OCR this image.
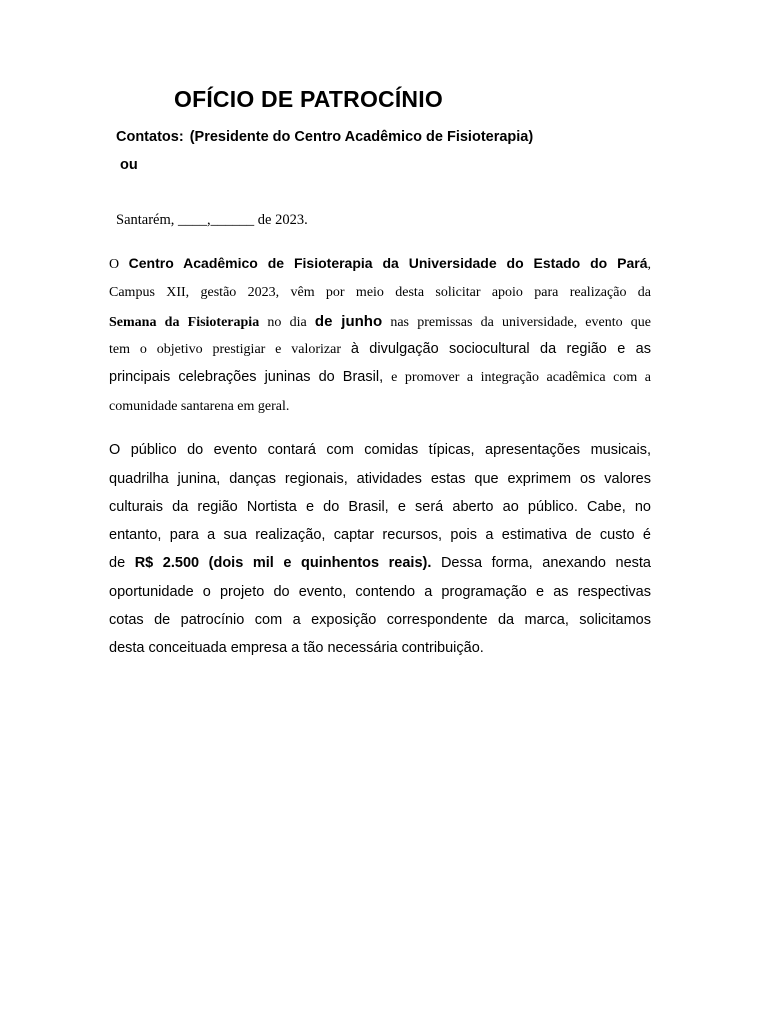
OFÍCIO DE PATROCÍNIO
Contatos: (Presidente do Centro Acadêmico de Fisioterapia)
ou
Santarém, ____,______ de 2023.
O Centro Acadêmico de Fisioterapia da Universidade do Estado do Pará,
Campus XII, gestão 2023, vêm por meio desta solicitar apoio para realização da
Semana da Fisioterapia no dia de junho nas premissas da universidade, evento que
tem o objetivo prestigiar e valorizar à divulgação sociocultural da região e as
principais celebrações juninas do Brasil, e promover a integração acadêmica com a
comunidade santarena em geral.
O público do evento contará com comidas típicas, apresentações musicais,
quadrilha junina, danças regionais, atividades estas que exprimem os valores
culturais da região Nortista e do Brasil, e será aberto ao público. Cabe, no
entanto, para a sua realização, captar recursos, pois a estimativa de custo é
de R$ 2.500 (dois mil e quinhentos reais). Dessa forma, anexando nesta
oportunidade o projeto do evento, contendo a programação e as respectivas
cotas de patrocínio com a exposição correspondente da marca, solicitamos
desta conceituada empresa a tão necessária contribuição.
